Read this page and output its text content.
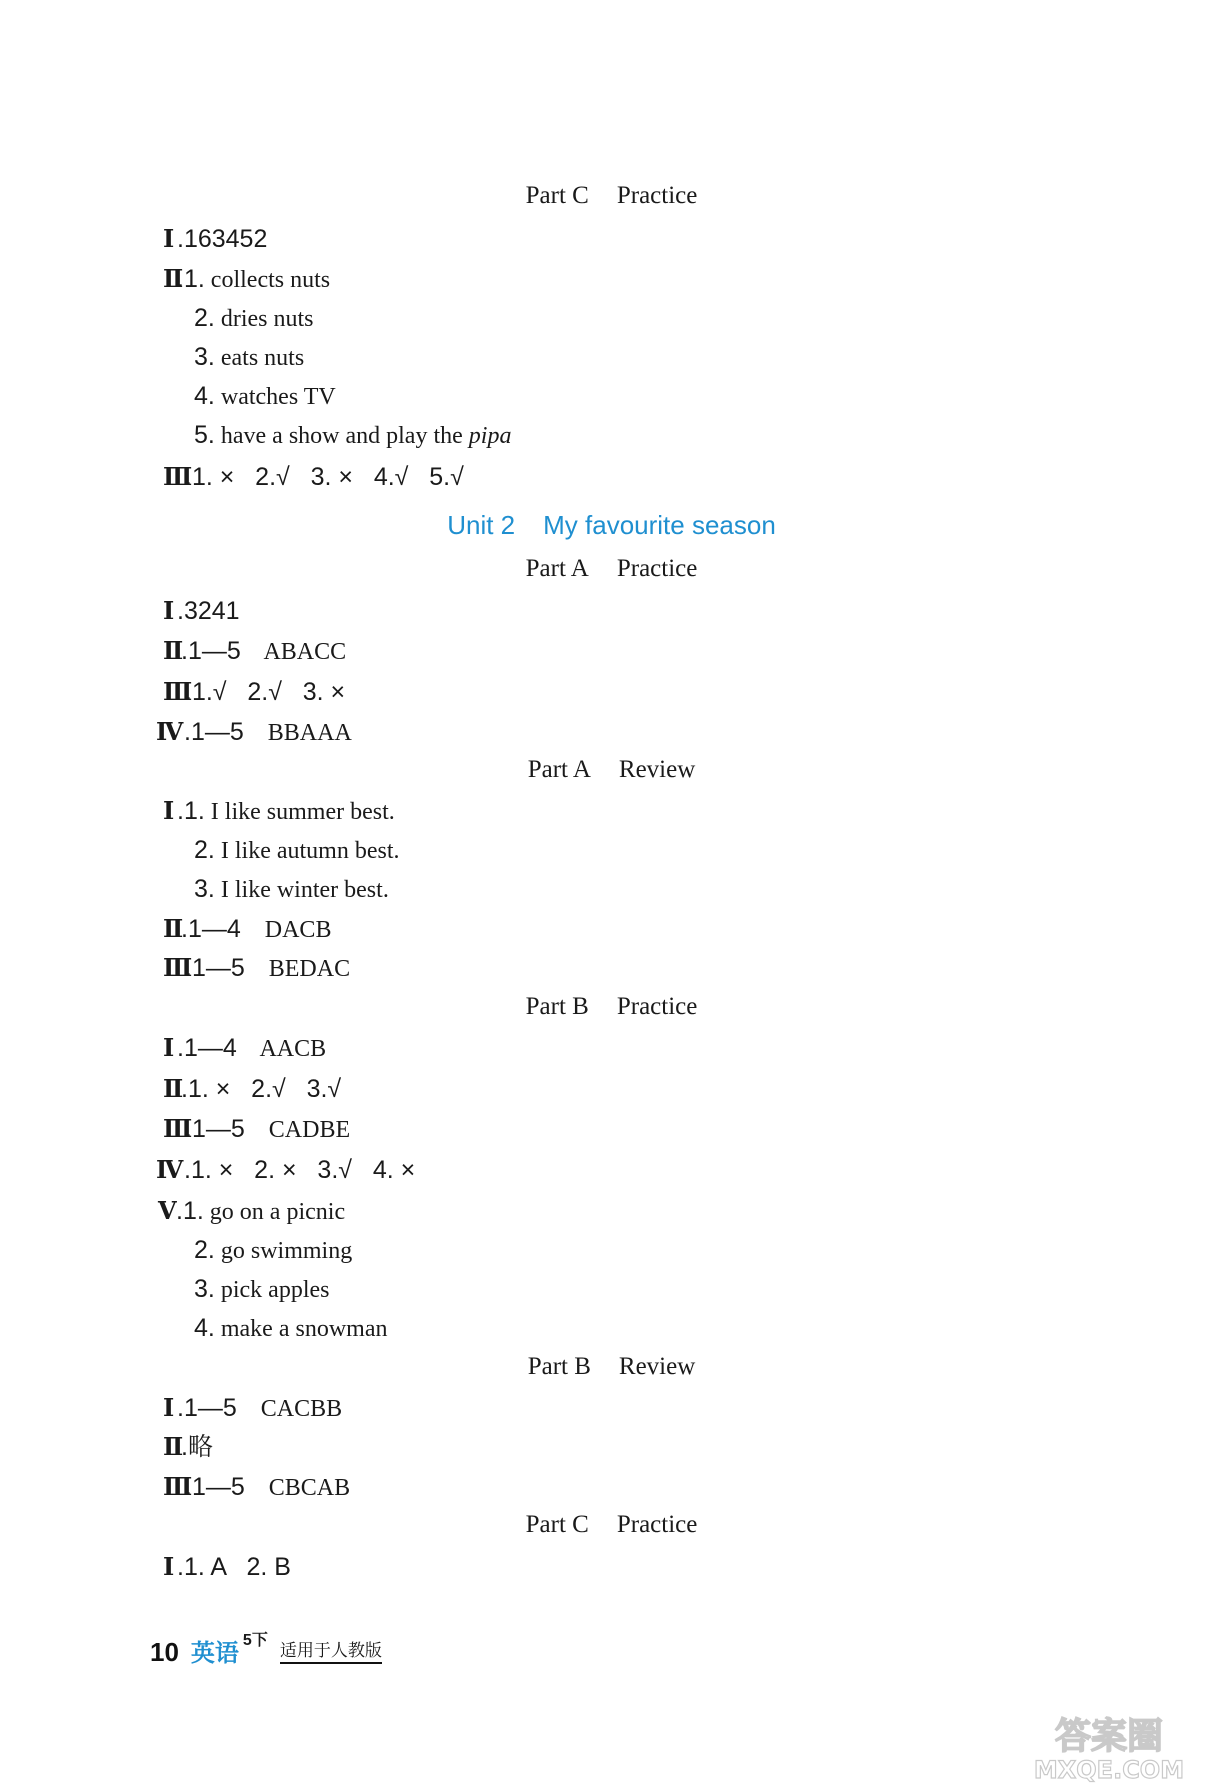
Part C Practice
Ⅰ .163452
Ⅱ
.1. collects nuts
2. dries nuts
3. eats nuts
4. watches TV
5. have a show and play the pipa
Ⅲ
.1. ×   2.√   3. ×   4.√   5.√
Unit 2 My favourite season
Part A Practice
Ⅰ .3241
Ⅱ
.1—5    ABACC
Ⅲ
.1.√   2.√   3. ×
Ⅳ .1—5    BBAAA
Part A Review
Ⅰ .1. I like summer best.
2. I like autumn best.
3. I like winter best.
Ⅱ
.1—4    DACB
Ⅲ
.1—5    BEDAC
Part B Practice
Ⅰ .1—4    AACB
Ⅱ
.1. ×   2.√   3.√
Ⅲ
.1—5    CADBE
Ⅳ .1. ×   2. ×   3.√   4. ×
Ⅴ .1. go on a picnic
2. go swimming
3. pick apples
4. make a snowman
Part B Review
Ⅰ .1—5    CACBB
Ⅱ
.略
Ⅲ
.1—5    CBCAB
Part C Practice
Ⅰ .1. A   2. B
10 英语 5下
适用于人教版
答案圈
MXQE.COM
